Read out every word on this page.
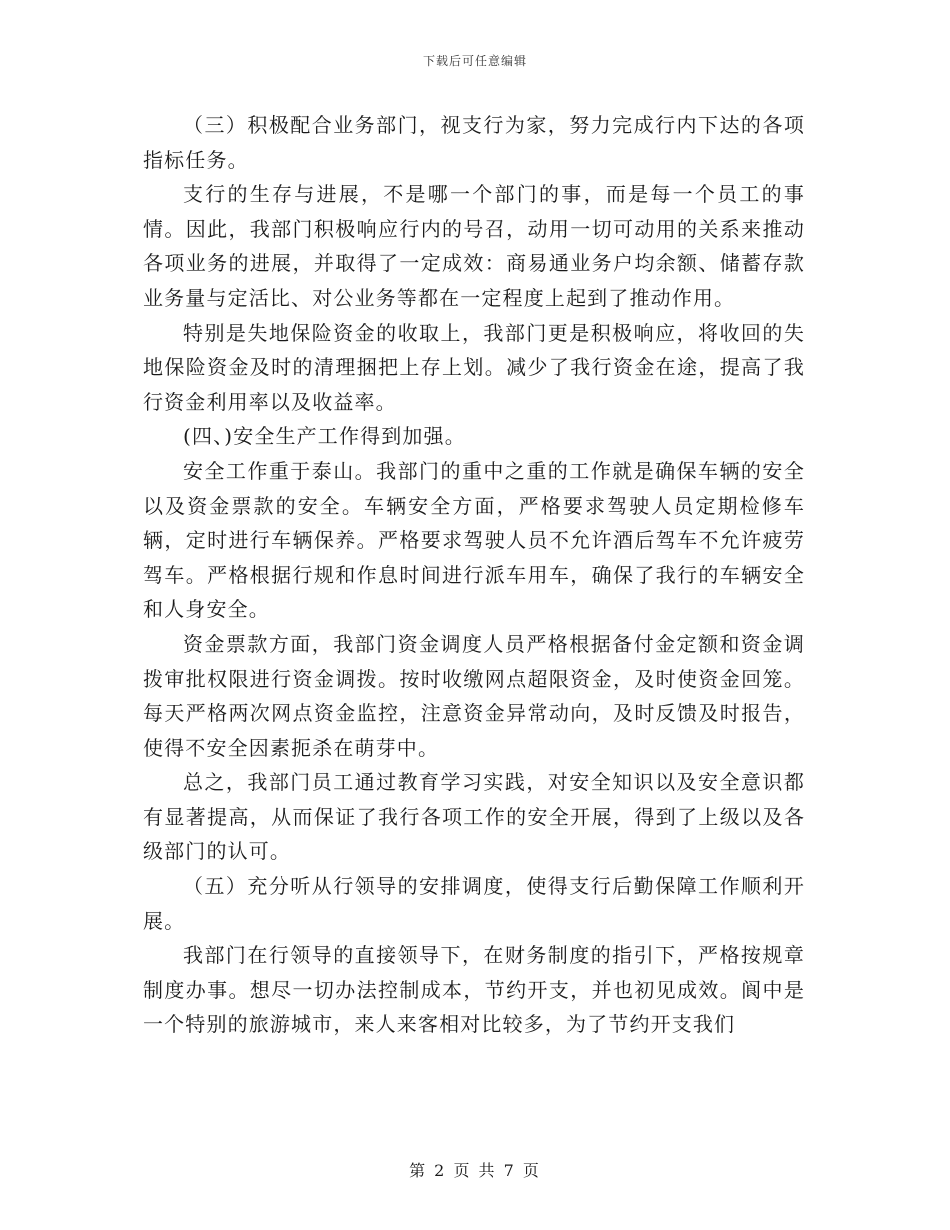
下载后可任意编辑

（三）积极配合业务部门，视支行为家，努力完成行内下达的各项指标任务。

支行的生存与进展，不是哪一个部门的事，而是每一个员工的事情。因此，我部门积极响应行内的号召，动用一切可动用的关系来推动各项业务的进展，并取得了一定成效：商易通业务户均余额、储蓄存款业务量与定活比、对公业务等都在一定程度上起到了推动作用。

特别是失地保险资金的收取上，我部门更是积极响应，将收回的失地保险资金及时的清理捆把上存上划。减少了我行资金在途，提高了我行资金利用率以及收益率。

(四、)安全生产工作得到加强。

安全工作重于泰山。我部门的重中之重的工作就是确保车辆的安全以及资金票款的安全。车辆安全方面，严格要求驾驶人员定期检修车辆，定时进行车辆保养。严格要求驾驶人员不允许酒后驾车不允许疲劳驾车。严格根据行规和作息时间进行派车用车，确保了我行的车辆安全和人身安全。

资金票款方面，我部门资金调度人员严格根据备付金定额和资金调拨审批权限进行资金调拨。按时收缴网点超限资金，及时使资金回笼。每天严格两次网点资金监控，注意资金异常动向，及时反馈及时报告，使得不安全因素扼杀在萌芽中。

总之，我部门员工通过教育学习实践，对安全知识以及安全意识都有显著提高，从而保证了我行各项工作的安全开展，得到了上级以及各级部门的认可。

（五）充分听从行领导的安排调度，使得支行后勤保障工作顺利开展。

我部门在行领导的直接领导下，在财务制度的指引下，严格按规章制度办事。想尽一切办法控制成本，节约开支，并也初见成效。阆中是一个特别的旅游城市，来人来客相对比较多，为了节约开支我们

第 2 页 共 7 页
